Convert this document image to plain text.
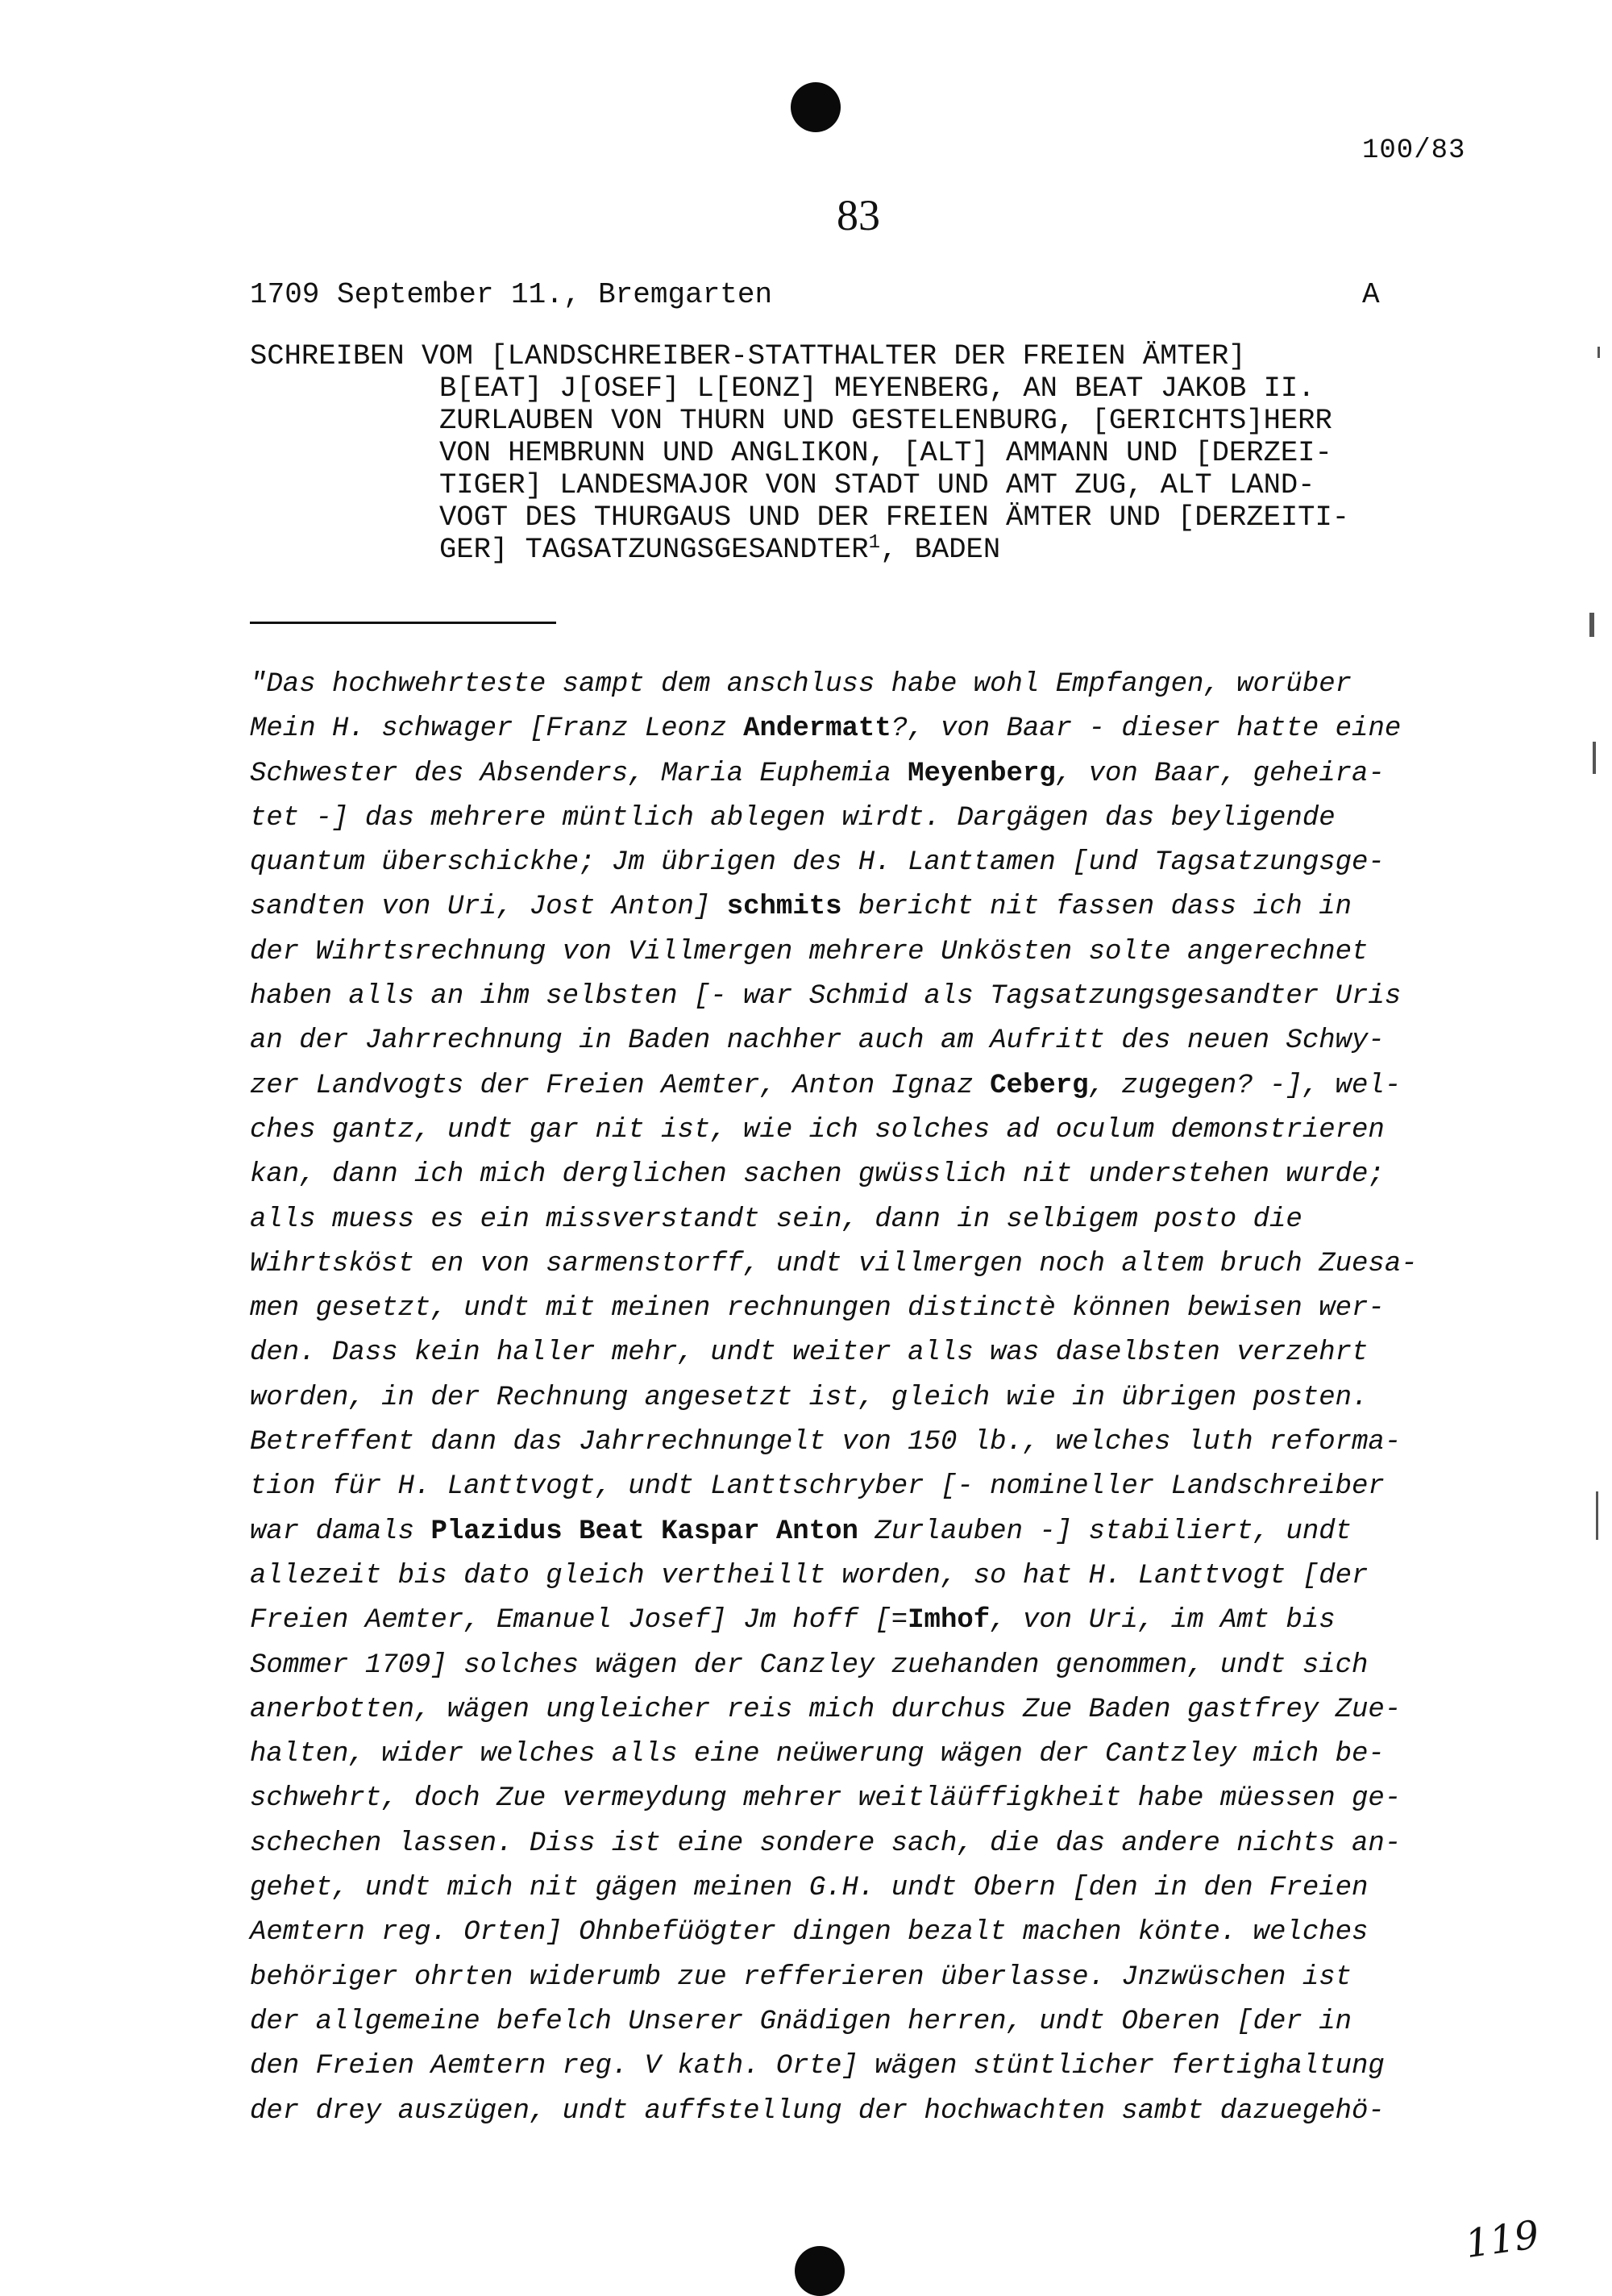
100/83
83
1709 September 11., Bremgarten	A
SCHREIBEN VOM [LANDSCHREIBER-STATTHALTER DER FREIEN ÄMTER]
B[EAT] J[OSEF] L[EONZ] MEYENBERG, AN BEAT JAKOB II.
ZURLAUBEN VON THURN UND GESTELENBURG, [GERICHTS]HERR
VON HEMBRUNN UND ANGLIKON, [ALT] AMMANN UND [DERZEI-
TIGER] LANDESMAJOR VON STADT UND AMT ZUG, ALT LAND-
VOGT DES THURGAUS UND DER FREIEN ÄMTER UND [DERZEITI-
GER] TAGSATZUNGSGESANDTER$^1$, BADEN
"Das hochwehrteste sampt dem anschluss habe wohl Empfangen, worüber
Mein H. schwager [Franz Leonz Andermatt?, von Baar - dieser hatte eine
Schwester des Absenders, Maria Euphemia Meyenberg, von Baar, geheira-
tet -] das mehrere müntlich ablegen wirdt. Dargägen das beyligende
quantum überschickhe; Jm übrigen des H. Lanttamen [und Tagsatzungsge-
sandten von Uri, Jost Anton] schmits bericht nit fassen dass ich in
der Wihrtsrechnung von Villmergen mehrere Unkösten solte angerechnet
haben alls an ihm selbsten [- war Schmid als Tagsatzungsgesandter Uris
an der Jahrrechnung in Baden nachher auch am Aufritt des neuen Schwy-
zer Landvogts der Freien Aemter, Anton Ignaz Ceberg, zugegen? -], wel-
ches gantz, undt gar nit ist, wie ich solches ad oculum demonstrieren
kan, dann ich mich derglichen sachen gwüsslich nit understehen wurde;
alls muess es ein missverstandt sein, dann in selbigem posto die
Wihrtsköst en von sarmenstorff, undt villmergen noch altem bruch Zuesa-
men gesetzt, undt mit meinen rechnungen distinctè können bewisen wer-
den. Dass kein haller mehr, undt weiter alls was daselbsten verzehrt
worden, in der Rechnung angesetzt ist, gleich wie in übrigen posten.
Betreffent dann das Jahrrechnungelt von 150 lb., welches luth reforma-
tion für H. Lanttvogt, undt Lanttschryber [- nomineller Landschreiber
war damals Plazidus Beat Kaspar Anton Zurlauben -] stabiliert, undt
allezeit bis dato gleich vertheillt worden, so hat H. Lanttvogt [der
Freien Aemter, Emanuel Josef] Jm hoff [=Imhof, von Uri, im Amt bis
Sommer 1709] solches wägen der Canzley zuehanden genommen, undt sich
anerbotten, wägen ungleicher reis mich durchus Zue Baden gastfrey Zue-
halten, wider welches alls eine neüwerung wägen der Cantzley mich be-
schwehrt, doch Zue vermeydung mehrer weitläüffigkheit habe müessen ge-
schechen lassen. Diss ist eine sondere sach, die das andere nichts an-
gehet, undt mich nit gägen meinen G.H. undt Obern [den in den Freien
Aemtern reg. Orten] Ohnbefüögter dingen bezalt machen könte. welches
behöriger ohrten widerumb zue refferieren überlasse. Jnzwüschen ist
der allgemeine befelch Unserer Gnädigen herren, undt Oberen [der in
den Freien Aemtern reg. V kath. Orte] wägen stüntlicher fertighaltung
der drey auszügen, undt auffstellung der hochwachten sambt dazuegehö-
119
